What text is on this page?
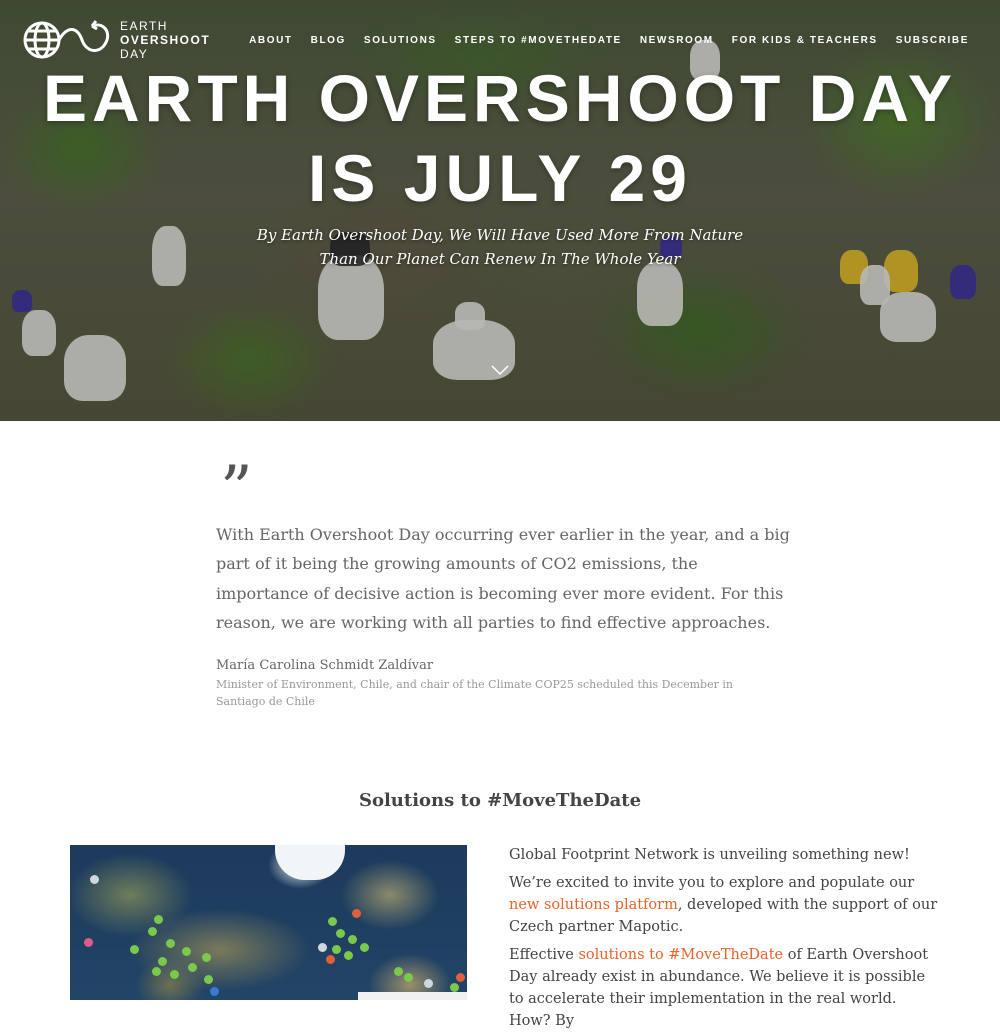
EARTH
OVERSHOOT
DAY
ABOUT BLOG SOLUTIONS STEPS TO #MOVETHEDATE NEWSROOM FOR KIDS & TEACHERS SUBSCRIBE
EARTH OVERSHOOT DAY
IS JULY 29
By Earth Overshoot Day, We Will Have Used More From Nature
Than Our Planet Can Renew In The Whole Year
”

With Earth Overshoot Day occurring ever earlier in the year, and a big part of it being the growing amounts of CO2 emissions, the importance of decisive action is becoming ever more evident. For this reason, we are working with all parties to find effective approaches.

María Carolina Schmidt Zaldívar
Minister of Environment, Chile, and chair of the Climate COP25 scheduled this December in Santiago de Chile
Solutions to #MoveTheDate

Global Footprint Network is unveiling something new!

We’re excited to invite you to explore and populate our new solutions platform, developed with the support of our Czech partner Mapotic.

Effective solutions to #MoveTheDate of Earth Overshoot Day already exist in abundance. We believe it is possible to accelerate their implementation in the real world. How? By
